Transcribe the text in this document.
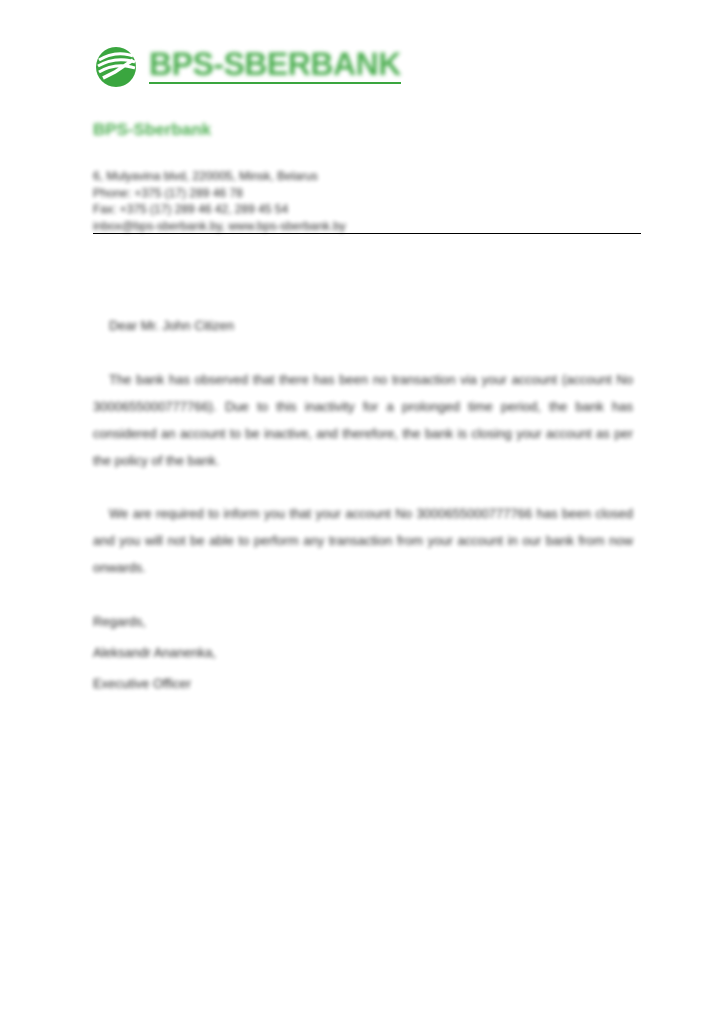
BPS-SBERBANK
BPS-Sberbank
6, Mulyavina blvd, 220005, Minsk, Belarus
Phone: +375 (17) 289 46 78
Fax: +375 (17) 289 46 42, 289 45 54
inbox@bps-sberbank.by, www.bps-sberbank.by
Dear Mr. John Citizen

The bank has observed that there has been no transaction via your account (account No 3000655000777766). Due to this inactivity for a prolonged time period, the bank has considered an account to be inactive, and therefore, the bank is closing your account as per the policy of the bank.

We are required to inform you that your account No 3000655000777766 has been closed and you will not be able to perform any transaction from your account in our bank from now onwards.

Regards,
Aleksandr Ananenka,
Executive Officer
